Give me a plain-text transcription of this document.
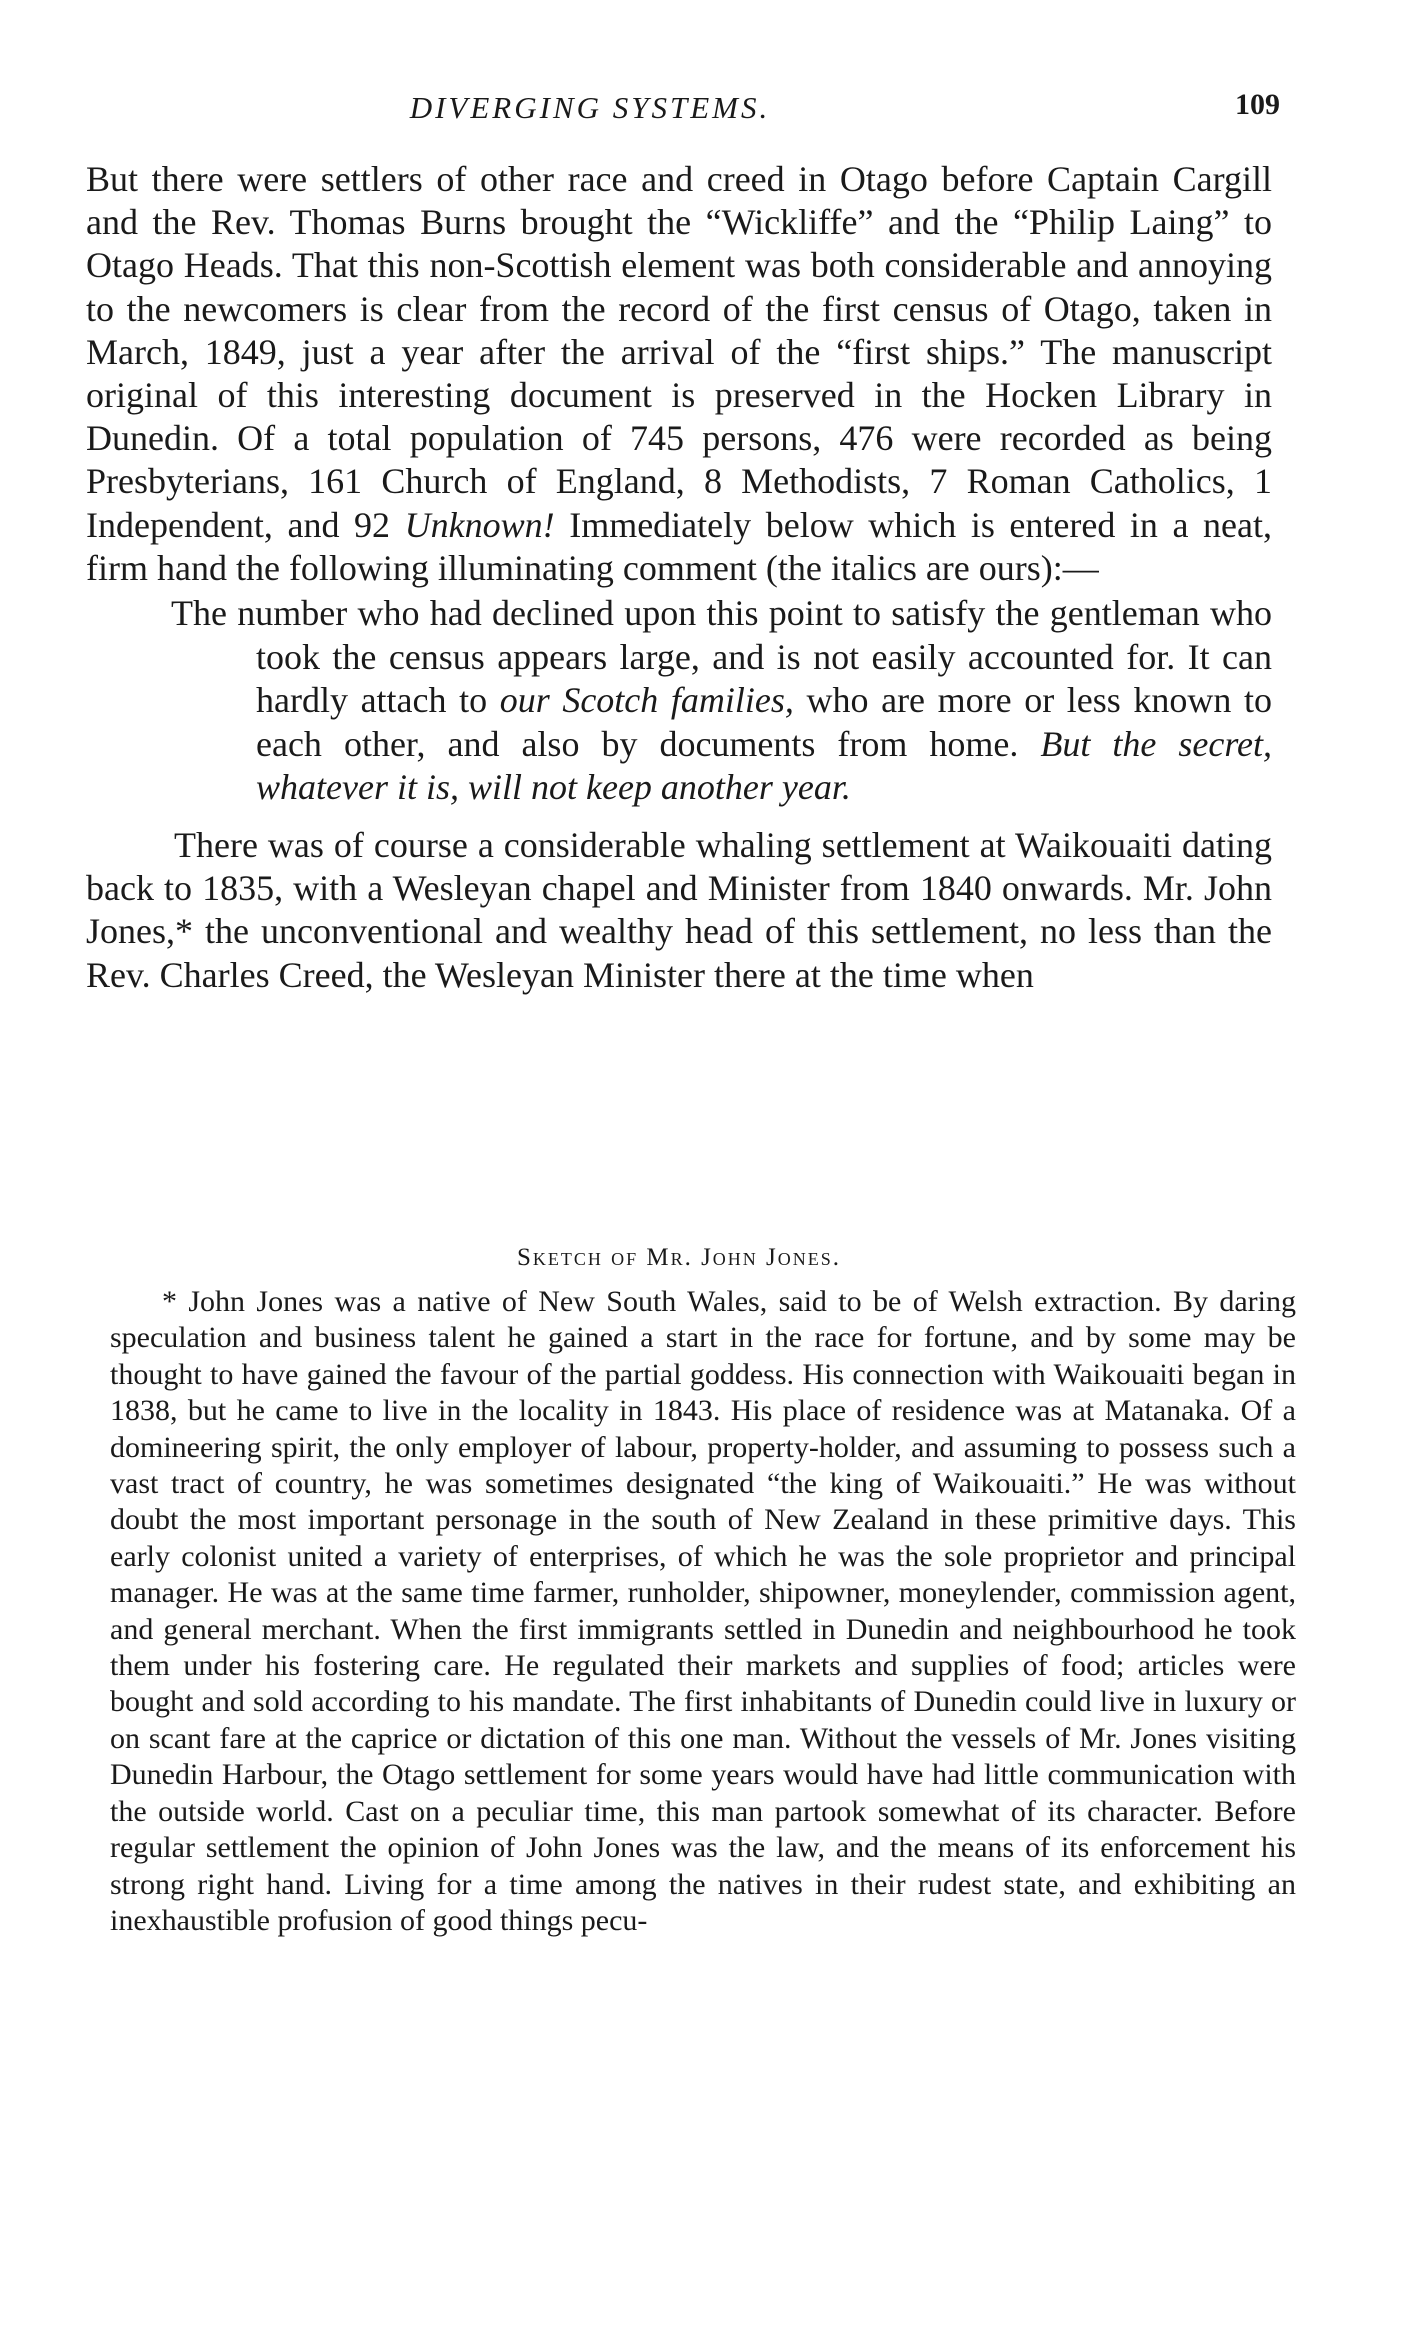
DIVERGING SYSTEMS.	109

But there were settlers of other race and creed in Otago before Captain Cargill and the Rev. Thomas Burns brought the “Wickliffe” and the “Philip Laing” to Otago Heads. That this non-Scottish element was both considerable and annoying to the newcomers is clear from the record of the first census of Otago, taken in March, 1849, just a year after the arrival of the “first ships.” The manuscript original of this interesting document is preserved in the Hocken Library in Dunedin. Of a total population of 745 persons, 476 were recorded as being Presbyterians, 161 Church of England, 8 Methodists, 7 Roman Catholics, 1 Independent, and 92 Unknown! Immediately below which is entered in a neat, firm hand the following illuminating comment (the italics are ours):—

The number who had declined upon this point to satisfy the gentleman who took the census appears large, and is not easily accounted for. It can hardly attach to our Scotch families, who are more or less known to each other, and also by documents from home. But the secret, whatever it is, will not keep another year.

There was of course a considerable whaling settlement at Waikouaiti dating back to 1835, with a Wesleyan chapel and Minister from 1840 onwards. Mr. John Jones,* the unconventional and wealthy head of this settlement, no less than the Rev. Charles Creed, the Wesleyan Minister there at the time when

Sketch of Mr. John Jones.

* John Jones was a native of New South Wales, said to be of Welsh extraction. By daring speculation and business talent he gained a start in the race for fortune, and by some may be thought to have gained the favour of the partial goddess. His connection with Waikouaiti began in 1838, but he came to live in the locality in 1843. His place of residence was at Matanaka. Of a domineering spirit, the only employer of labour, property-holder, and assuming to possess such a vast tract of country, he was sometimes designated “the king of Waikouaiti.” He was without doubt the most important personage in the south of New Zealand in these primitive days. This early colonist united a variety of enterprises, of which he was the sole proprietor and principal manager. He was at the same time farmer, runholder, shipowner, moneylender, commission agent, and general merchant. When the first immigrants settled in Dunedin and neighbourhood he took them under his fostering care. He regulated their markets and supplies of food; articles were bought and sold according to his mandate. The first inhabitants of Dunedin could live in luxury or on scant fare at the caprice or dictation of this one man. Without the vessels of Mr. Jones visiting Dunedin Harbour, the Otago settlement for some years would have had little communication with the outside world. Cast on a peculiar time, this man partook somewhat of its character. Before regular settlement the opinion of John Jones was the law, and the means of its enforcement his strong right hand. Living for a time among the natives in their rudest state, and exhibiting an inexhaustible profusion of good things pecu-
